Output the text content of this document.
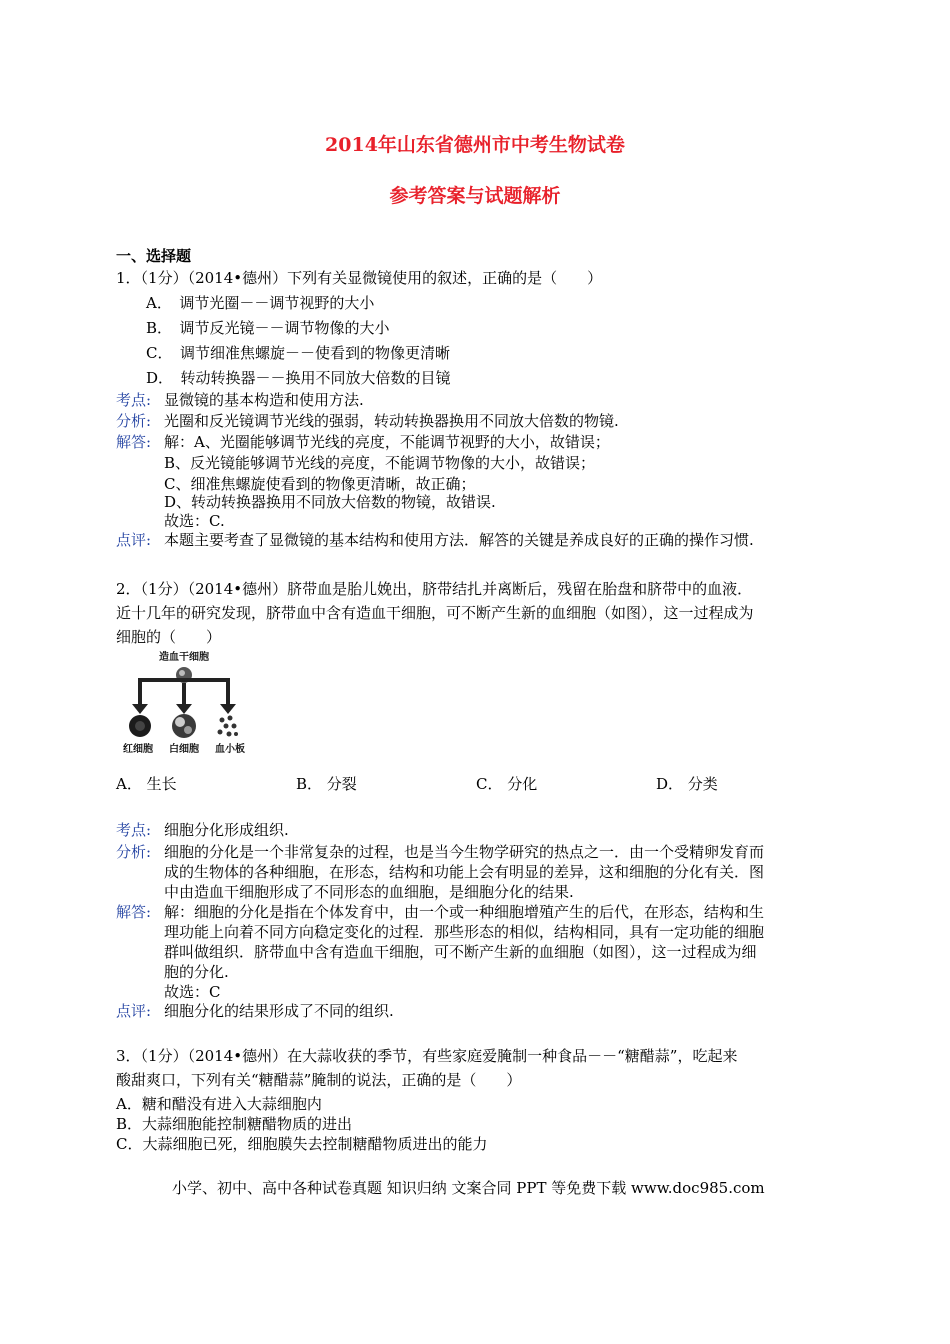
2014年山东省德州市中考生物试卷
参考答案与试题解析
一、选择题
1．（1分）（2014•德州）下列有关显微镜使用的叙述，正确的是（　　）
A．　调节光圈－－调节视野的大小
B．　调节反光镜－－调节物像的大小
C．　调节细准焦螺旋－－使看到的物像更清晰
D．　转动转换器－－换用不同放大倍数的目镜
考点: 显微镜的基本构造和使用方法.
分析: 光圈和反光镜调节光线的强弱，转动转换器换用不同放大倍数的物镜.
解答: 解：A、光圈能够调节光线的亮度，不能调节视野的大小，故错误；
B、反光镜能够调节光线的亮度，不能调节物像的大小，故错误；
C、细准焦螺旋使看到的物像更清晰，故正确；
D、转动转换器换用不同放大倍数的物镜，故错误.
故选：C.
点评: 本题主要考查了显微镜的基本结构和使用方法．解答的关键是养成良好的正确的操作习惯.
2．（1分）（2014•德州）脐带血是胎儿娩出，脐带结扎并离断后，残留在胎盘和脐带中的血液．
近十几年的研究发现，脐带血中含有造血干细胞，可不断产生新的血细胞（如图），这一过程成为
细胞的（　　）
造血干细胞
红细胞 白细胞 血小板
A． 生长	B． 分裂	C． 分化	D． 分类
考点: 细胞分化形成组织.
分析: 细胞的分化是一个非常复杂的过程，也是当今生物学研究的热点之一．由一个受精卵发育而
成的生物体的各种细胞，在形态，结构和功能上会有明显的差异，这和细胞的分化有关．图
中由造血干细胞形成了不同形态的血细胞，是细胞分化的结果.
解答: 解：细胞的分化是指在个体发育中，由一个或一种细胞增殖产生的后代，在形态，结构和生
理功能上向着不同方向稳定变化的过程．那些形态的相似，结构相同，具有一定功能的细胞
群叫做组织．脐带血中含有造血干细胞，可不断产生新的血细胞（如图），这一过程成为细
胞的分化.
故选：C
点评: 细胞分化的结果形成了不同的组织.
3．（1分）（2014•德州）在大蒜收获的季节，有些家庭爱腌制一种食品－－“糖醋蒜”，吃起来
酸甜爽口，下列有关“糖醋蒜”腌制的说法，正确的是（　　）
A．糖和醋没有进入大蒜细胞内
B．大蒜细胞能控制糖醋物质的进出
C．大蒜细胞已死，细胞膜失去控制糖醋物质进出的能力
小学、初中、高中各种试卷真题 知识归纳 文案合同 PPT 等免费下载 www.doc985.com
